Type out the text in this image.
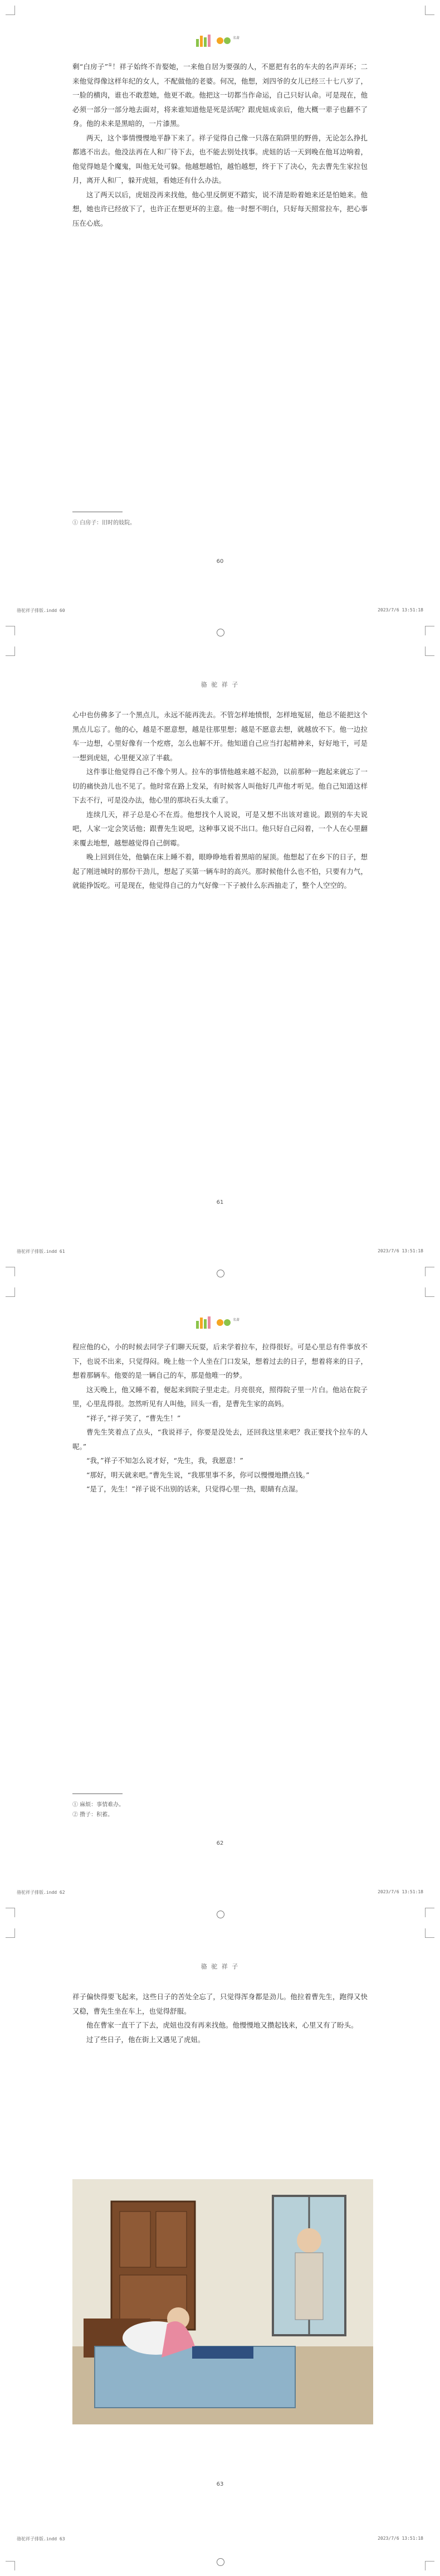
名著

剩“白房子”①！祥子始终不肯娶她，一来他自居为要强的人，不愿把有名的车夫的名声弄坏；二来他觉得像这样年纪的女人，不配做他的老婆。何况，他想，刘四爷的女儿已经三十七八岁了，一脸的横肉，谁也不敢惹她，他更不敢。他把这一切都当作命运，自己只好认命。可是现在，他必须一部分一部分地去面对，将来谁知道他是死是活呢？跟虎妞成亲后，他大概一辈子也翻不了身。他的未来是黑暗的，一片漆黑。

两天，这个事情慢慢地平静下来了。祥子觉得自己像一只落在陷阱里的野兽，无论怎么挣扎都逃不出去。他没法再在人和厂待下去，也不能去别处找事。虎妞的话一天到晚在他耳边响着，他觉得她是个魔鬼，叫他无处可躲。他越想越怕，越怕越想，终于下了决心，先去曹先生家拉包月，离开人和厂，躲开虎妞，看她还有什么办法。

这了两天以后，虎妞没再来找他，他心里反倒更不踏实，说不清是盼着她来还是怕她来。他想，她也许已经放下了，也许正在想更坏的主意。他一时想不明白，只好每天照常拉车，把心事压在心底。

① 白房子：旧时的妓院。
60
骆驼祥子排版.indd 60	2023/7/6 13:51:18
骆 驼 祥 子

心中也仿佛多了一个黑点儿，永远不能再洗去。不管怎样地愤恨，怎样地冤屈，他总不能把这个黑点儿忘了。他的心，越是不愿意想，越是往那里想；越是不愿意去想，就越放不下。他一边拉车一边想，心里好像有一个疙瘩，怎么也解不开。他知道自己应当打起精神来，好好地干，可是一想到虎妞，心里便又凉了半截。

这件事让他觉得自己不像个男人。拉车的事情他越来越不起劲，以前那种一跑起来就忘了一切的痛快劲儿也不见了。他时常在路上发呆，有时候客人叫他好几声他才听见。他自己知道这样下去不行，可是没办法，他心里的那块石头太重了。

连续几天，祥子总是心不在焉。他想找个人说说，可是又想不出该对谁说。跟别的车夫说吧，人家一定会笑话他；跟曹先生说吧，这种事又说不出口。他只好自己闷着，一个人在心里翻来覆去地想，越想越觉得自己倒霉。

晚上回到住处，他躺在床上睡不着，眼睁睁地看着黑暗的屋顶。他想起了在乡下的日子，想起了刚进城时的那份干劲儿，想起了买第一辆车时的高兴。那时候他什么也不怕，只要有力气，就能挣饭吃。可是现在，他觉得自己的力气好像一下子被什么东西抽走了，整个人空空的。

61
骆驼祥子排版.indd 61	2023/7/6 13:51:18
名著

程应他的心，小的时候去同学子们聊天玩耍，后来学着拉车，拉得很好。可是心里总有件事放不下，也说不出来，只觉得闷。晚上他一个人坐在门口发呆，想着过去的日子，想着将来的日子，想着那辆车。他要的是一辆自己的车，那是他唯一的梦。

这天晚上，他又睡不着，便起来到院子里走走。月亮很亮，照得院子里一片白。他站在院子里，心里乱得很。忽然听见有人叫他，回头一看，是曹先生家的高妈。

“祥子，”祥子笑了，“曹先生！”

曹先生笑着点了点头，“我说祥子，你要是没处去，还回我这里来吧？我正要找个拉车的人呢。”

“我，”祥子不知怎么说才好，“先生，我，我愿意！”

“那好，明天就来吧。”曹先生说，“我那里事不多，你可以慢慢地攒点钱。”

“是了，先生！”祥子说不出别的话来，只觉得心里一热，眼睛有点湿。

① 麻烦：事情难办。
② 攒子：积蓄。
62
骆驼祥子排版.indd 62	2023/7/6 13:51:18
骆 驼 祥 子

祥子偏快得要飞起来，这些日子的苦处全忘了，只觉得浑身都是劲儿。他拉着曹先生，跑得又快又稳，曹先生坐在车上，也觉得舒服。

他在曹家一直干了下去，虎妞也没有再来找他。他慢慢地又攒起钱来，心里又有了盼头。

过了些日子，他在街上又遇见了虎妞。

63
骆驼祥子排版.indd 63	2023/7/6 13:51:18
